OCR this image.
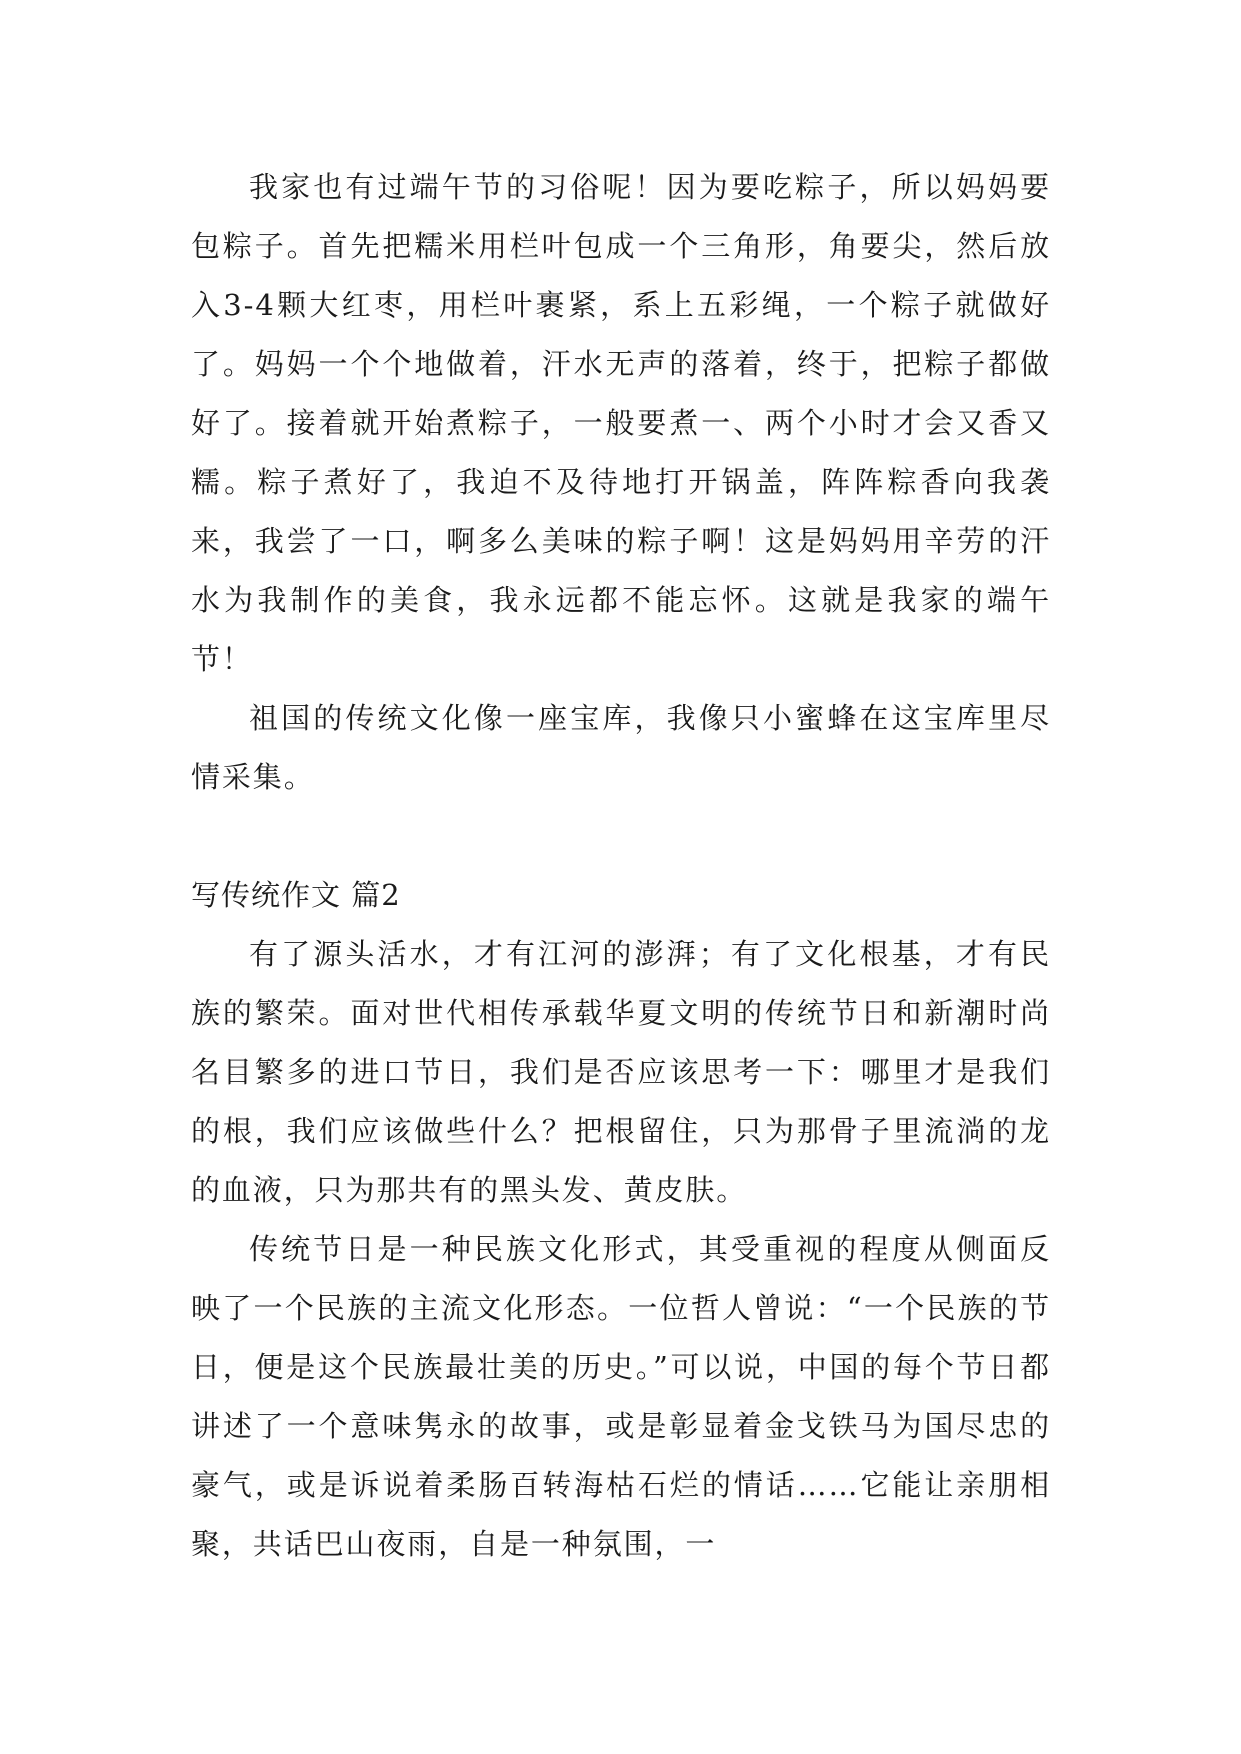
我家也有过端午节的习俗呢！因为要吃粽子，所以妈妈要包粽子。首先把糯米用栏叶包成一个三角形，角要尖，然后放入3-4颗大红枣，用栏叶裹紧，系上五彩绳，一个粽子就做好了。妈妈一个个地做着，汗水无声的落着，终于，把粽子都做好了。接着就开始煮粽子，一般要煮一、两个小时才会又香又糯。粽子煮好了，我迫不及待地打开锅盖，阵阵粽香向我袭来，我尝了一口，啊多么美味的粽子啊！这是妈妈用辛劳的汗水为我制作的美食，我永远都不能忘怀。这就是我家的端午节！

祖国的传统文化像一座宝库，我像只小蜜蜂在这宝库里尽情采集。

写传统作文 篇2

有了源头活水，才有江河的澎湃；有了文化根基，才有民族的繁荣。面对世代相传承载华夏文明的传统节日和新潮时尚名目繁多的进口节日，我们是否应该思考一下：哪里才是我们的根，我们应该做些什么？把根留住，只为那骨子里流淌的龙的血液，只为那共有的黑头发、黄皮肤。

传统节日是一种民族文化形式，其受重视的程度从侧面反映了一个民族的主流文化形态。一位哲人曾说：“一个民族的节日，便是这个民族最壮美的历史。”可以说，中国的每个节日都讲述了一个意味隽永的故事，或是彰显着金戈铁马为国尽忠的豪气，或是诉说着柔肠百转海枯石烂的情话……它能让亲朋相聚，共话巴山夜雨，自是一种氛围，一
